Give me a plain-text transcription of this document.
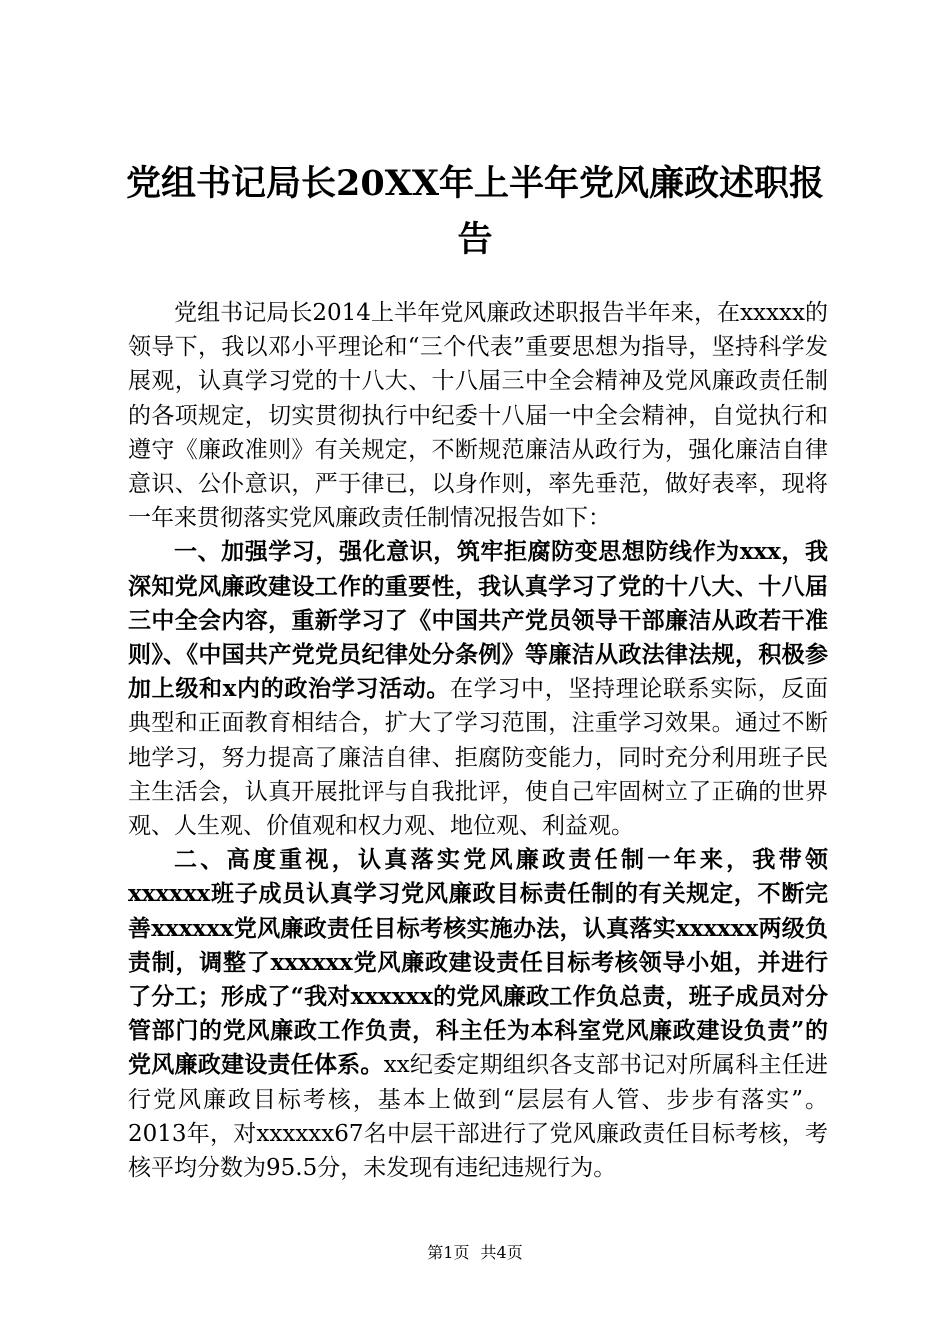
党组书记局长20XX年上半年党风廉政述职报
告

党组书记局长2014上半年党风廉政述职报告半年来，在xxxxx的领导下，我以邓小平理论和“三个代表”重要思想为指导，坚持科学发展观，认真学习党的十八大、十八届三中全会精神及党风廉政责任制的各项规定，切实贯彻执行中纪委十八届一中全会精神，自觉执行和遵守《廉政准则》有关规定，不断规范廉洁从政行为，强化廉洁自律意识、公仆意识，严于律已，以身作则，率先垂范，做好表率，现将一年来贯彻落实党风廉政责任制情况报告如下：

一、加强学习，强化意识，筑牢拒腐防变思想防线作为xxx，我深知党风廉政建设工作的重要性，我认真学习了党的十八大、十八届三中全会内容，重新学习了《中国共产党员领导干部廉洁从政若干准则》、《中国共产党党员纪律处分条例》等廉洁从政法律法规，积极参加上级和x内的政治学习活动。在学习中，坚持理论联系实际，反面典型和正面教育相结合，扩大了学习范围，注重学习效果。通过不断地学习，努力提高了廉洁自律、拒腐防变能力，同时充分利用班子民主生活会，认真开展批评与自我批评，使自己牢固树立了正确的世界观、人生观、价值观和权力观、地位观、利益观。

二、高度重视，认真落实党风廉政责任制一年来，我带领xxxxxx班子成员认真学习党风廉政目标责任制的有关规定，不断完善xxxxxx党风廉政责任目标考核实施办法，认真落实xxxxxx两级负责制，调整了xxxxxx党风廉政建设责任目标考核领导小姐，并进行了分工；形成了“我对xxxxxx的党风廉政工作负总责，班子成员对分管部门的党风廉政工作负责，科主任为本科室党风廉政建设负责”的党风廉政建设责任体系。xx纪委定期组织各支部书记对所属科主任进行党风廉政目标考核，基本上做到“层层有人管、步步有落实”。2013年，对xxxxxx67名中层干部进行了党风廉政责任目标考核，考核平均分数为95.5分，未发现有违纪违规行为。

第1页 共4页
